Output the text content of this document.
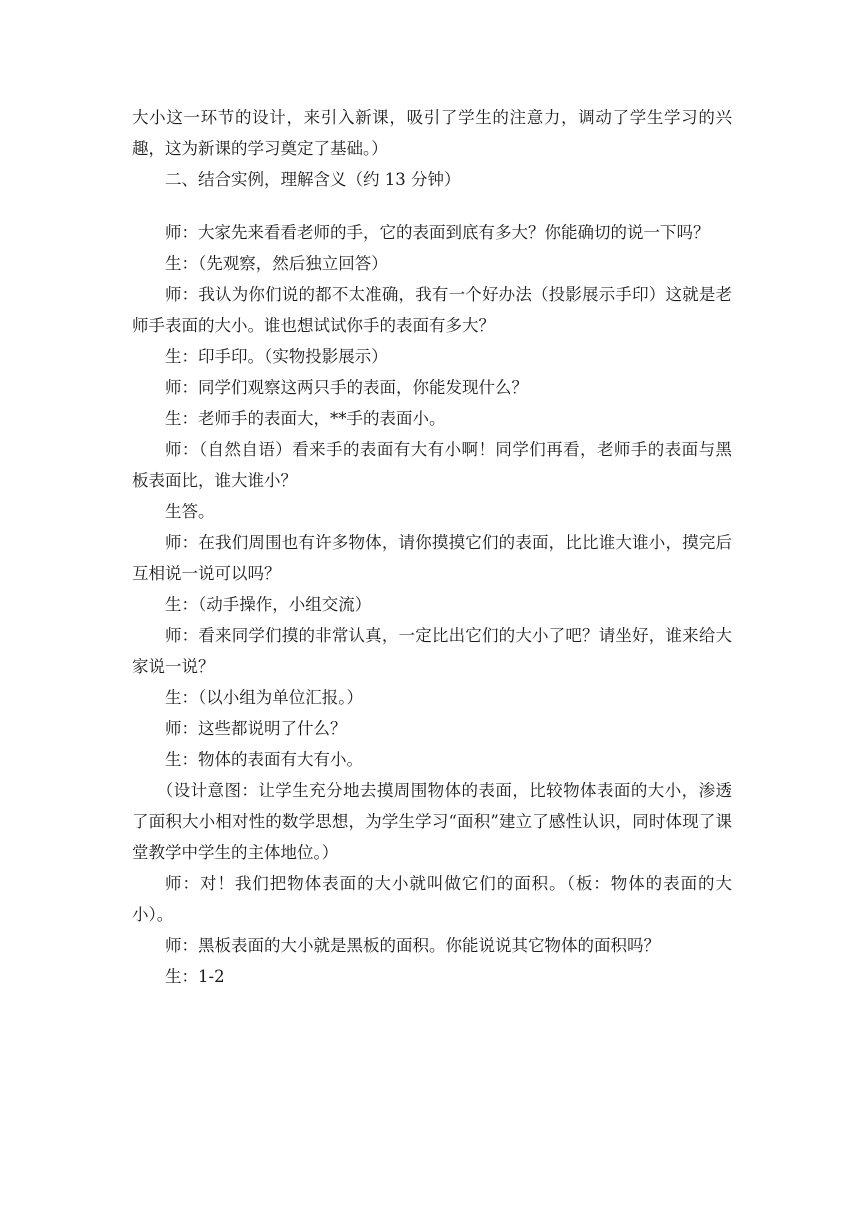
大小这一环节的设计，来引入新课，吸引了学生的注意力，调动了学生学习的兴趣，这为新课的学习奠定了基础。）

二、结合实例，理解含义（约 13 分钟）

师：大家先来看看老师的手，它的表面到底有多大？你能确切的说一下吗？

生：（先观察，然后独立回答）

师：我认为你们说的都不太准确，我有一个好办法（投影展示手印）这就是老师手表面的大小。谁也想试试你手的表面有多大？

生：印手印。（实物投影展示）

师：同学们观察这两只手的表面，你能发现什么？

生：老师手的表面大，**手的表面小。

师：（自然自语）看来手的表面有大有小啊！同学们再看，老师手的表面与黑板表面比，谁大谁小？

生答。

师：在我们周围也有许多物体，请你摸摸它们的表面，比比谁大谁小，摸完后互相说一说可以吗？

生：（动手操作，小组交流）

师：看来同学们摸的非常认真，一定比出它们的大小了吧？请坐好，谁来给大家说一说？

生：（以小组为单位汇报。）

师：这些都说明了什么？

生：物体的表面有大有小。

（设计意图：让学生充分地去摸周围物体的表面，比较物体表面的大小，渗透了面积大小相对性的数学思想，为学生学习“面积”建立了感性认识，同时体现了课堂教学中学生的主体地位。）

师：对！我们把物体表面的大小就叫做它们的面积。（板：物体的表面的大小）。

师：黑板表面的大小就是黑板的面积。你能说说其它物体的面积吗？

生：1-2
